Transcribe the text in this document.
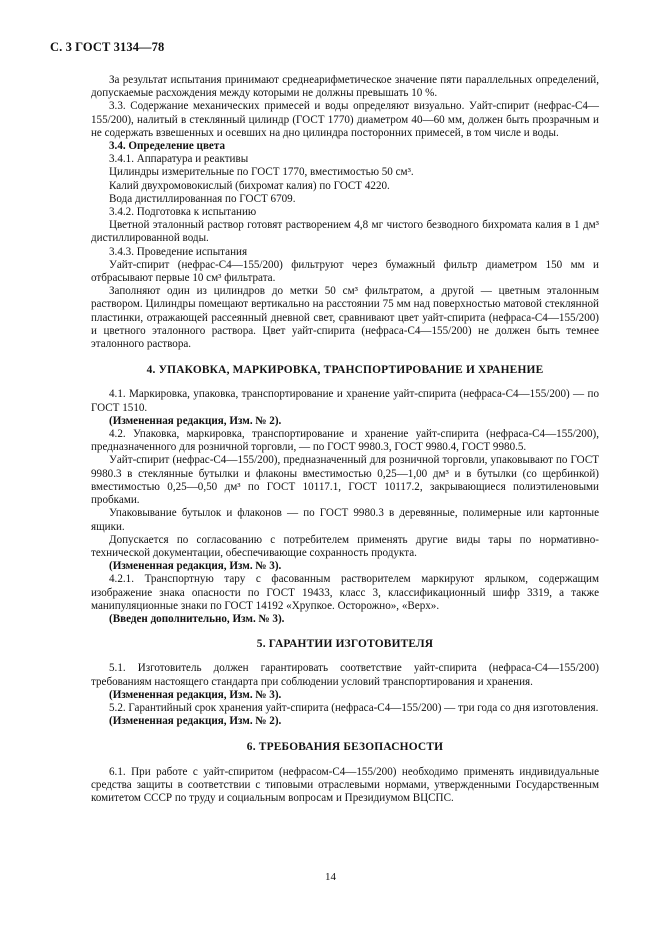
С. 3 ГОСТ 3134—78

За результат испытания принимают среднеарифметическое значение пяти параллельных определений, допускаемые расхождения между которыми не должны превышать 10 %.

3.3. Содержание механических примесей и воды определяют визуально. Уайт-спирит (нефрас-С4—155/200), налитый в стеклянный цилиндр (ГОСТ 1770) диаметром 40—60 мм, должен быть прозрачным и не содержать взвешенных и осевших на дно цилиндра посторонних примесей, в том числе и воды.

3.4. Определение цвета

3.4.1. Аппаратура и реактивы

Цилиндры измерительные по ГОСТ 1770, вместимостью 50 см³.

Калий двухромовокислый (бихромат калия) по ГОСТ 4220.

Вода дистиллированная по ГОСТ 6709.

3.4.2. Подготовка к испытанию

Цветной эталонный раствор готовят растворением 4,8 мг чистого безводного бихромата калия в 1 дм³ дистиллированной воды.

3.4.3. Проведение испытания

Уайт-спирит (нефрас-С4—155/200) фильтруют через бумажный фильтр диаметром 150 мм и отбрасывают первые 10 см³ фильтрата.

Заполняют один из цилиндров до метки 50 см³ фильтратом, а другой — цветным эталонным раствором. Цилиндры помещают вертикально на расстоянии 75 мм над поверхностью матовой стеклянной пластинки, отражающей рассеянный дневной свет, сравнивают цвет уайт-спирита (нефраса-С4—155/200) и цветного эталонного раствора. Цвет уайт-спирита (нефраса-С4—155/200) не должен быть темнее эталонного раствора.

4. УПАКОВКА, МАРКИРОВКА, ТРАНСПОРТИРОВАНИЕ И ХРАНЕНИЕ

4.1. Маркировка, упаковка, транспортирование и хранение уайт-спирита (нефраса-С4—155/200) — по ГОСТ 1510.

(Измененная редакция, Изм. № 2).

4.2. Упаковка, маркировка, транспортирование и хранение уайт-спирита (нефраса-С4—155/200), предназначенного для розничной торговли, — по ГОСТ 9980.3, ГОСТ 9980.4, ГОСТ 9980.5.

Уайт-спирит (нефрас-С4—155/200), предназначенный для розничной торговли, упаковывают по ГОСТ 9980.3 в стеклянные бутылки и флаконы вместимостью 0,25—1,00 дм³ и в бутылки (со щербинкой) вместимостью 0,25—0,50 дм³ по ГОСТ 10117.1, ГОСТ 10117.2, закрывающиеся полиэтиленовыми пробками.

Упаковывание бутылок и флаконов — по ГОСТ 9980.3 в деревянные, полимерные или картонные ящики.

Допускается по согласованию с потребителем применять другие виды тары по нормативно-технической документации, обеспечивающие сохранность продукта.

(Измененная редакция, Изм. № 3).

4.2.1. Транспортную тару с фасованным растворителем маркируют ярлыком, содержащим изображение знака опасности по ГОСТ 19433, класс 3, классификационный шифр 3319, а также манипуляционные знаки по ГОСТ 14192 «Хрупкое. Осторожно», «Верх».

(Введен дополнительно, Изм. № 3).

5. ГАРАНТИИ ИЗГОТОВИТЕЛЯ

5.1. Изготовитель должен гарантировать соответствие уайт-спирита (нефраса-С4—155/200) требованиям настоящего стандарта при соблюдении условий транспортирования и хранения.

(Измененная редакция, Изм. № 3).

5.2. Гарантийный срок хранения уайт-спирита (нефраса-С4—155/200) — три года со дня изготовления.

(Измененная редакция, Изм. № 2).

6. ТРЕБОВАНИЯ БЕЗОПАСНОСТИ

6.1. При работе с уайт-спиритом (нефрасом-С4—155/200) необходимо применять индивидуальные средства защиты в соответствии с типовыми отраслевыми нормами, утвержденными Государственным комитетом СССР по труду и социальным вопросам и Президиумом ВЦСПС.

14
